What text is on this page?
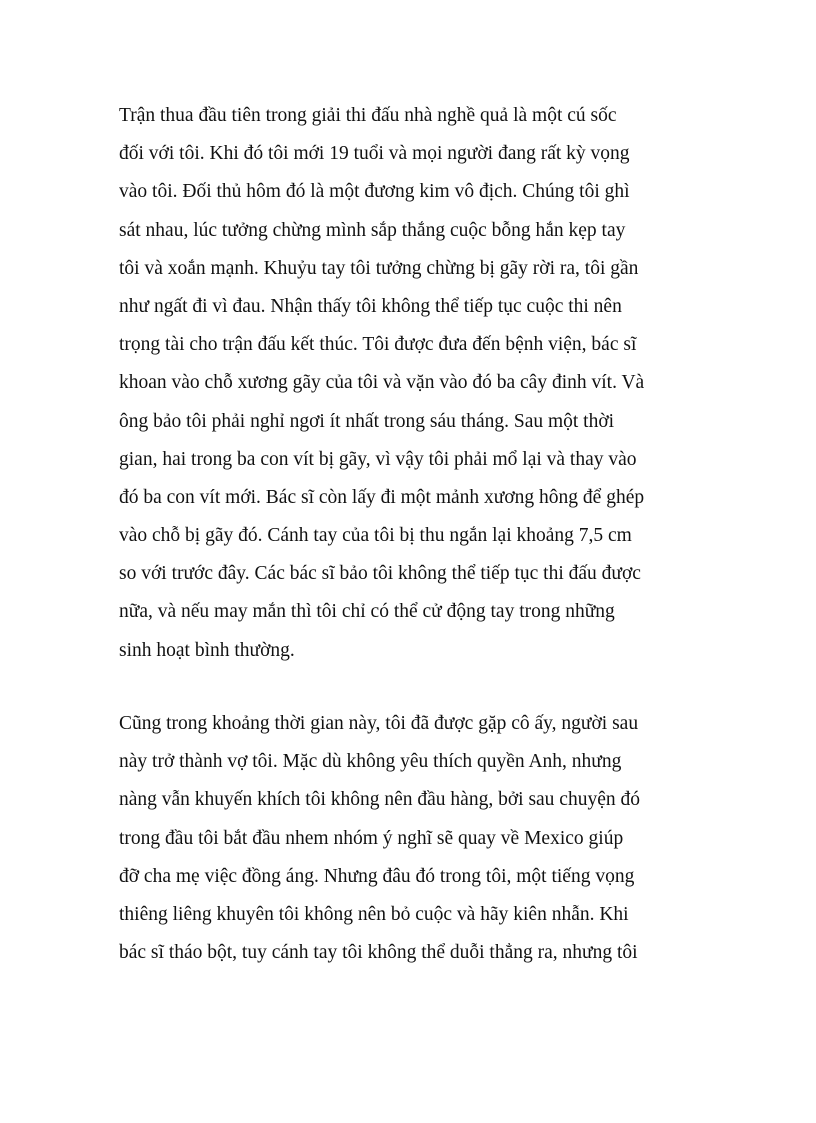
Trận thua đầu tiên trong giải thi đấu nhà nghề quả là một cú sốc
đối với tôi. Khi đó tôi mới 19 tuổi và mọi người đang rất kỳ vọng
vào tôi. Đối thủ hôm đó là một đương kim vô địch. Chúng tôi ghì
sát nhau, lúc tưởng chừng mình sắp thắng cuộc bỗng hắn kẹp tay
tôi và xoắn mạnh. Khuỷu tay tôi tưởng chừng bị gãy rời ra, tôi gần
như ngất đi vì đau. Nhận thấy tôi không thể tiếp tục cuộc thi nên
trọng tài cho trận đấu kết thúc. Tôi được đưa đến bệnh viện, bác sĩ
khoan vào chỗ xương gãy của tôi và vặn vào đó ba cây đinh vít. Và
ông bảo tôi phải nghỉ ngơi ít nhất trong sáu tháng. Sau một thời
gian, hai trong ba con vít bị gãy, vì vậy tôi phải mổ lại và thay vào
đó ba con vít mới. Bác sĩ còn lấy đi một mảnh xương hông để ghép
vào chỗ bị gãy đó. Cánh tay của tôi bị thu ngắn lại khoảng 7,5 cm
so với trước đây. Các bác sĩ bảo tôi không thể tiếp tục thi đấu được
nữa, và nếu may mắn thì tôi chỉ có thể cử động tay trong những
sinh hoạt bình thường.
Cũng trong khoảng thời gian này, tôi đã được gặp cô ấy, người sau
này trở thành vợ tôi. Mặc dù không yêu thích quyền Anh, nhưng
nàng vẫn khuyến khích tôi không nên đầu hàng, bởi sau chuyện đó
trong đầu tôi bắt đầu nhem nhóm ý nghĩ sẽ quay về Mexico giúp
đỡ cha mẹ việc đồng áng. Nhưng đâu đó trong tôi, một tiếng vọng
thiêng liêng khuyên tôi không nên bỏ cuộc và hãy kiên nhẫn. Khi
bác sĩ tháo bột, tuy cánh tay tôi không thể duỗi thẳng ra, nhưng tôi
